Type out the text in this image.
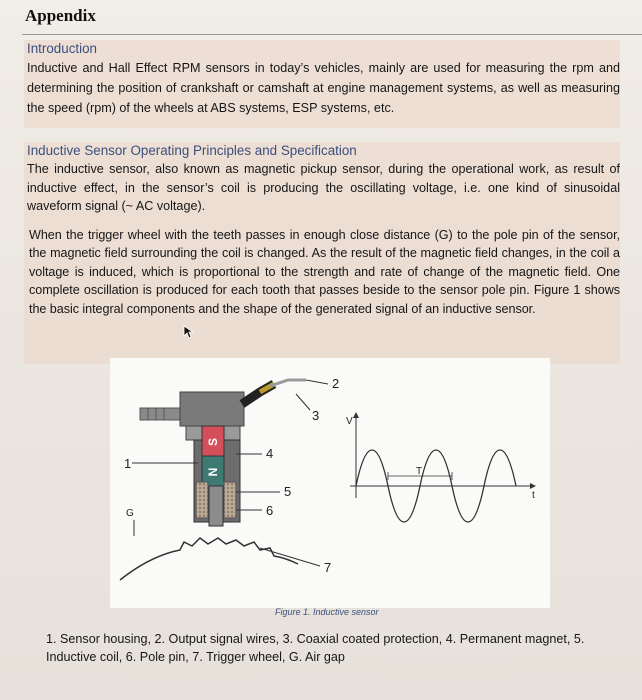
Appendix
Introduction
Inductive and Hall Effect RPM sensors in today’s vehicles, mainly are used for measuring the rpm and determining the position of crankshaft or camshaft at engine management systems, as well as measuring the speed (rpm) of the wheels at ABS systems, ESP systems, etc.
Inductive Sensor Operating Principles and Specification
The inductive sensor, also known as magnetic pickup sensor, during the operational work, as result of inductive effect, in the sensor’s coil is producing the oscillating voltage, i.e. one kind of sinusoidal waveform signal (~ AC voltage).
When the trigger wheel with the teeth passes in enough close distance (G) to the pole pin of the sensor, the magnetic field surrounding the coil is changed. As the result of the magnetic field changes, in the coil a voltage is induced, which is proportional to the strength and rate of change of the magnetic field. One complete oscillation is produced for each tooth that passes beside to the sensor pole pin. Figure 1 shows the basic integral components and the shape of the generated signal of an inductive sensor.
S
N
1
2
3
4
5
6
7
G
V
t
T
Figure 1. Inductive sensor
1. Sensor housing, 2. Output signal wires, 3. Coaxial coated protection, 4. Permanent magnet, 5. Inductive coil, 6. Pole pin, 7. Trigger wheel, G. Air gap
